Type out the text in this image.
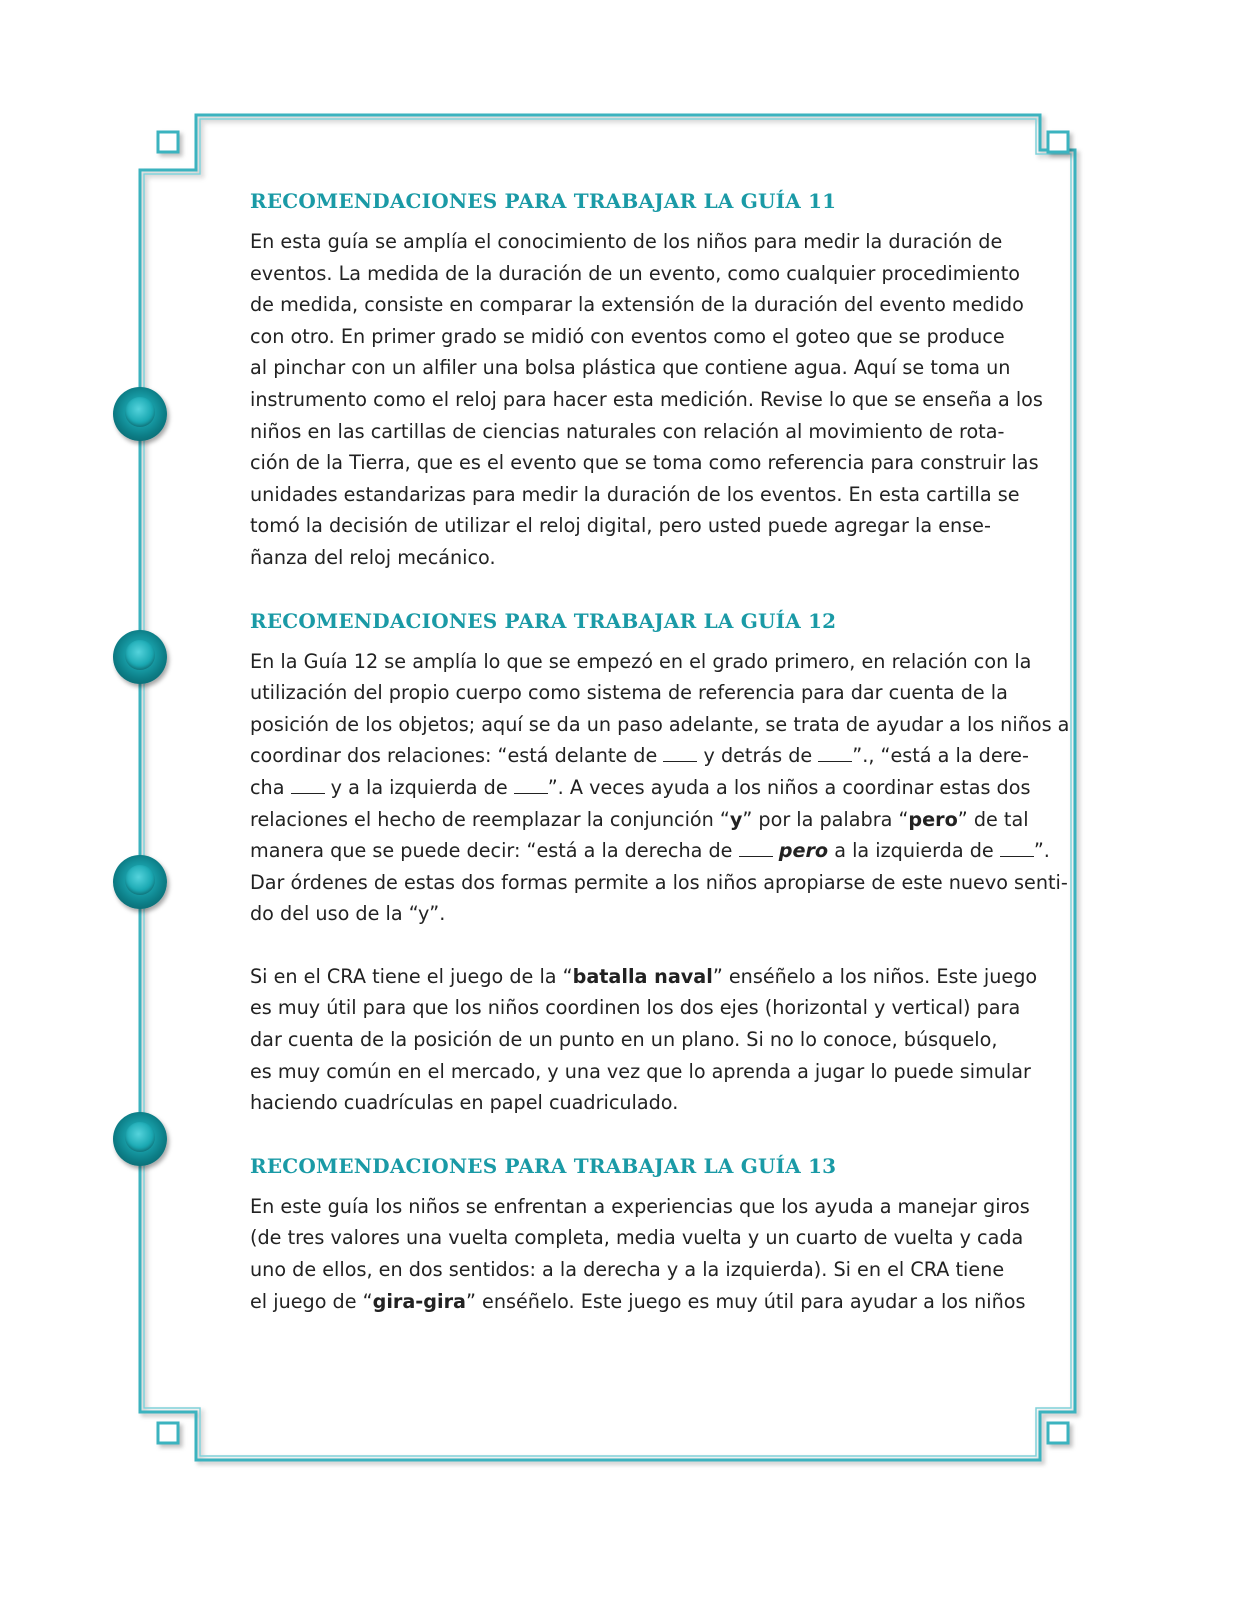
RECOMENDACIONES PARA TRABAJAR LA GUÍA 11
En esta guía se amplía el conocimiento de los niños para medir la duración de
eventos. La medida de la duración de un evento, como cualquier procedimiento
de medida, consiste en comparar la extensión de la duración del evento medido
con otro. En primer grado se midió con eventos como el goteo que se produce
al pinchar con un alfiler una bolsa plástica que contiene agua. Aquí se toma un
instrumento como el reloj para hacer esta medición. Revise lo que se enseña a los
niños en las cartillas de ciencias naturales con relación al movimiento de rota-
ción de la Tierra, que es el evento que se toma como referencia para construir las
unidades estandarizas para medir la duración de los eventos. En esta cartilla se
tomó la decisión de utilizar el reloj digital, pero usted puede agregar la ense-
ñanza del reloj mecánico.
RECOMENDACIONES PARA TRABAJAR LA GUÍA 12
En la Guía 12 se amplía lo que se empezó en el grado primero, en relación con la
utilización del propio cuerpo como sistema de referencia para dar cuenta de la
posición de los objetos; aquí se da un paso adelante, se trata de ayudar a los niños a
coordinar dos relaciones: “está delante de  y detrás de ”., “está a la dere-
cha  y a la izquierda de ”. A veces ayuda a los niños a coordinar estas dos
relaciones el hecho de reemplazar la conjunción “y” por la palabra “pero” de tal
manera que se puede decir: “está a la derecha de  pero a la izquierda de ”.
Dar órdenes de estas dos formas permite a los niños apropiarse de este nuevo senti-
do del uso de la “y”.
Si en el CRA tiene el juego de la “batalla naval” enséñelo a los niños. Este juego
es muy útil para que los niños coordinen los dos ejes (horizontal y vertical) para
dar cuenta de la posición de un punto en un plano. Si no lo conoce, búsquelo,
es muy común en el mercado, y una vez que lo aprenda a jugar lo puede simular
haciendo cuadrículas en papel cuadriculado.
RECOMENDACIONES PARA TRABAJAR LA GUÍA 13
En este guía los niños se enfrentan a experiencias que los ayuda a manejar giros
(de tres valores una vuelta completa, media vuelta y un cuarto de vuelta y cada
uno de ellos, en dos sentidos: a la derecha y a la izquierda). Si en el CRA tiene
el juego de “gira-gira” enséñelo. Este juego es muy útil para ayudar a los niños
